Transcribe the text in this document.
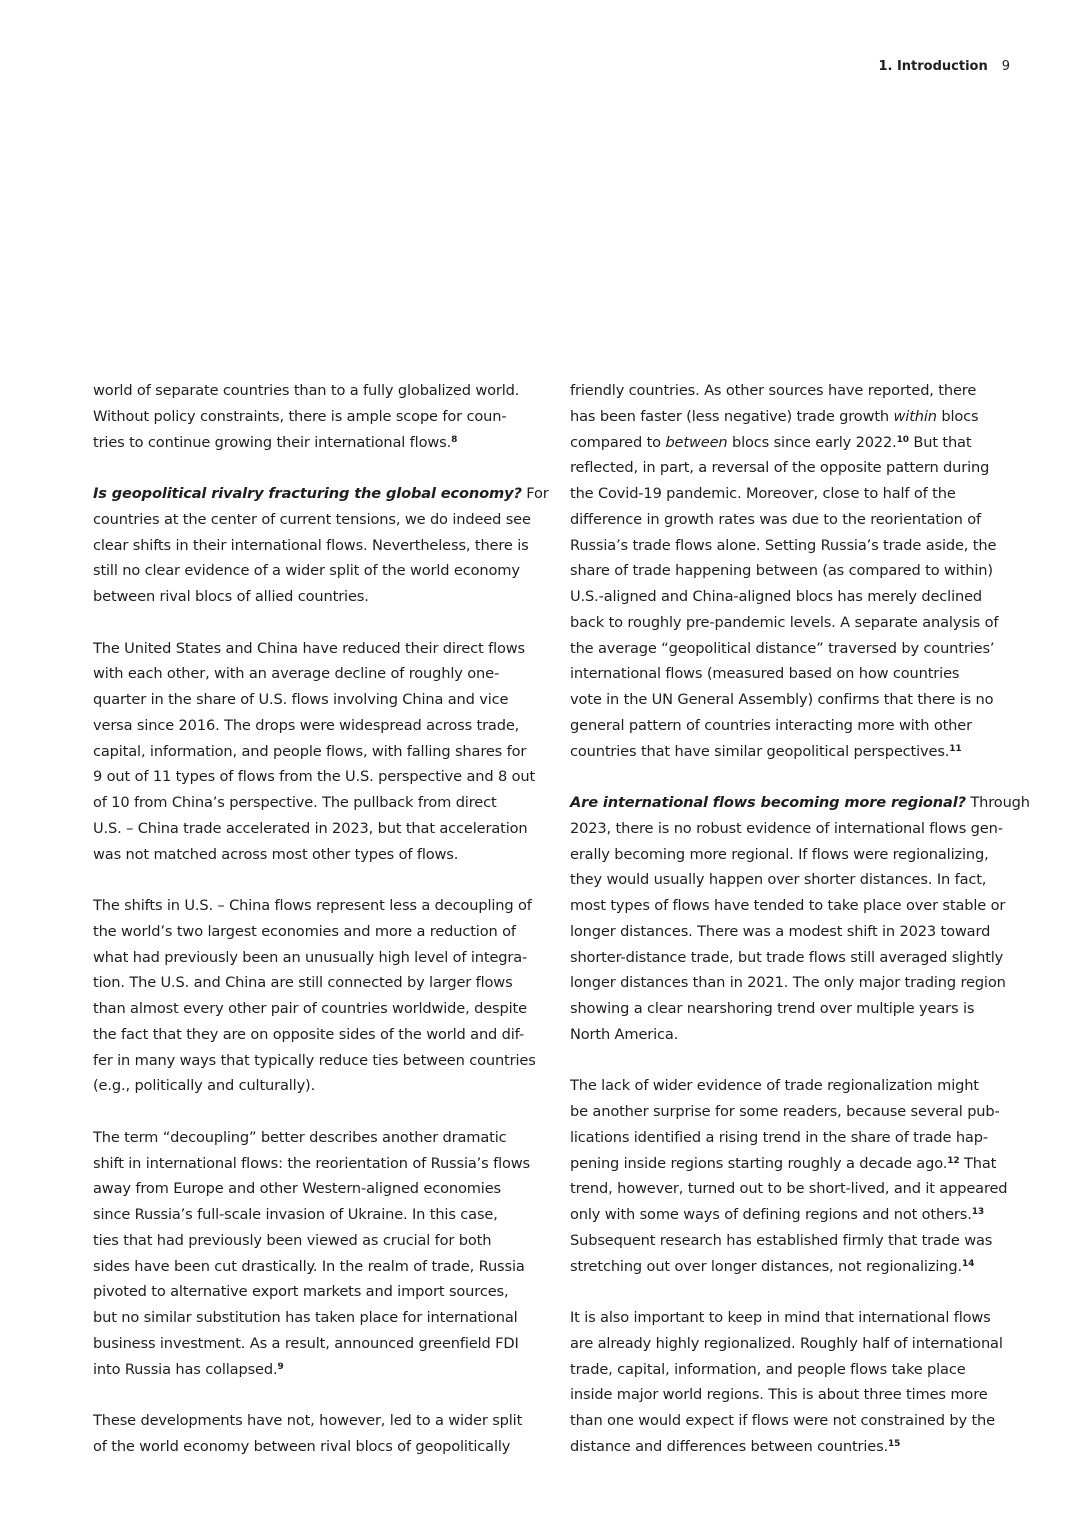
1. Introduction 9
world of separate countries than to a fully globalized world.
Without policy constraints, there is ample scope for coun-
tries to continue growing their international flows.$^8$
Is geopolitical rivalry fracturing the global economy? For
countries at the center of current tensions, we do indeed see
clear shifts in their international flows. Nevertheless, there is
still no clear evidence of a wider split of the world economy
between rival blocs of allied countries.
The United States and China have reduced their direct flows
with each other, with an average decline of roughly one-
quarter in the share of U.S. flows involving China and vice
versa since 2016. The drops were widespread across trade,
capital, information, and people flows, with falling shares for
9 out of 11 types of flows from the U.S. perspective and 8 out
of 10 from China’s perspective. The pullback from direct
U.S. – China trade accelerated in 2023, but that acceleration
was not matched across most other types of flows.
The shifts in U.S. – China flows represent less a decoupling of
the world’s two largest economies and more a reduction of
what had previously been an unusually high level of integra-
tion. The U.S. and China are still connected by larger flows
than almost every other pair of countries worldwide, despite
the fact that they are on opposite sides of the world and dif-
fer in many ways that typically reduce ties between countries
(e.g., politically and culturally).
The term “decoupling” better describes another dramatic
shift in international flows: the reorientation of Russia’s flows
away from Europe and other Western-aligned economies
since Russia’s full-scale invasion of Ukraine. In this case,
ties that had previously been viewed as crucial for both
sides have been cut drastically. In the realm of trade, Russia
pivoted to alternative export markets and import sources,
but no similar substitution has taken place for international
business investment. As a result, announced greenfield FDI
into Russia has collapsed.$^9$
These developments have not, however, led to a wider split
of the world economy between rival blocs of geopolitically
friendly countries. As other sources have reported, there
has been faster (less negative) trade growth within blocs
compared to between blocs since early 2022.10 But that
reflected, in part, a reversal of the opposite pattern during
the Covid-19 pandemic. Moreover, close to half of the
difference in growth rates was due to the reorientation of
Russia’s trade flows alone. Setting Russia’s trade aside, the
share of trade happening between (as compared to within)
U.S.-aligned and China-aligned blocs has merely declined
back to roughly pre-pandemic levels. A separate analysis of
the average “geopolitical distance” traversed by countries’
international flows (measured based on how countries
vote in the UN General Assembly) confirms that there is no
general pattern of countries interacting more with other
countries that have similar geopolitical perspectives.$^{11}$
Are international flows becoming more regional? Through
2023, there is no robust evidence of international flows gen-
erally becoming more regional. If flows were regionalizing,
they would usually happen over shorter distances. In fact,
most types of flows have tended to take place over stable or
longer distances. There was a modest shift in 2023 toward
shorter-distance trade, but trade flows still averaged slightly
longer distances than in 2021. The only major trading region
showing a clear nearshoring trend over multiple years is
North America.
The lack of wider evidence of trade regionalization might
be another surprise for some readers, because several pub-
lications identified a rising trend in the share of trade hap-
pening inside regions starting roughly a decade ago.$^{12}$ That
trend, however, turned out to be short-lived, and it appeared
only with some ways of defining regions and not others.$^{13}$
Subsequent research has established firmly that trade was
stretching out over longer distances, not regionalizing.$^{14}$
It is also important to keep in mind that international flows
are already highly regionalized. Roughly half of international
trade, capital, information, and people flows take place
inside major world regions. This is about three times more
than one would expect if flows were not constrained by the
distance and differences between countries.$^{15}$
